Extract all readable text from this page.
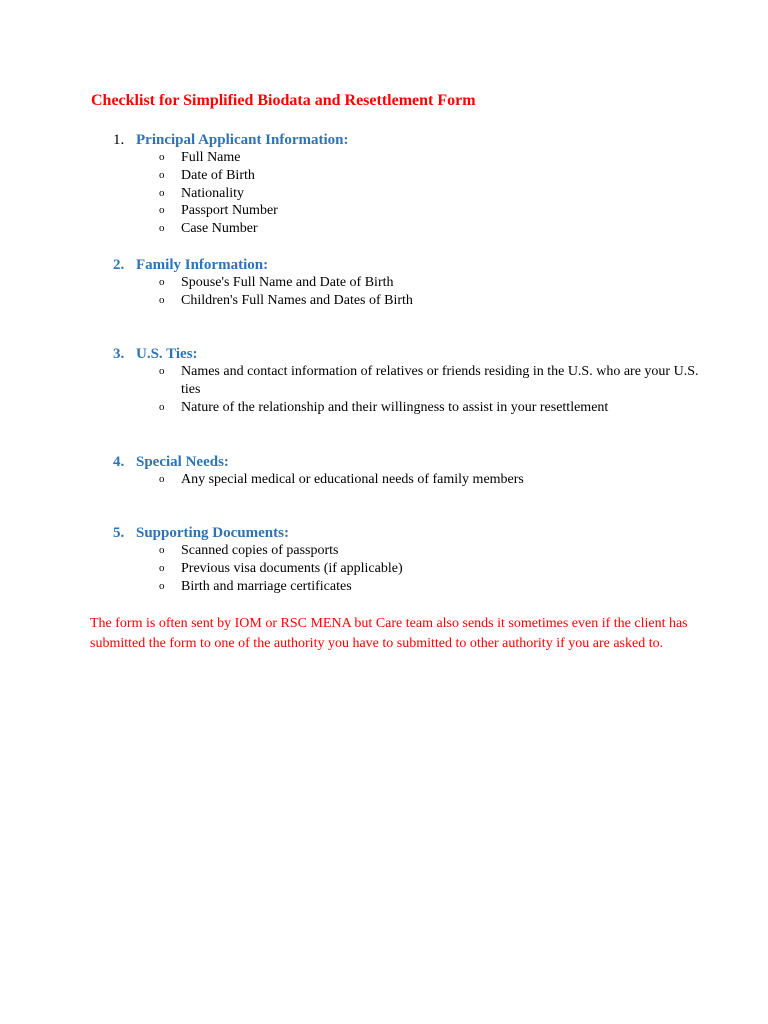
Checklist for Simplified Biodata and Resettlement Form
1. Principal Applicant Information:
o Full Name
o Date of Birth
o Nationality
o Passport Number
o Case Number
2. Family Information:
o Spouse's Full Name and Date of Birth
o Children's Full Names and Dates of Birth
3. U.S. Ties:
o Names and contact information of relatives or friends residing in the U.S. who are your U.S. ties
o Nature of the relationship and their willingness to assist in your resettlement
4. Special Needs:
o Any special medical or educational needs of family members
5. Supporting Documents:
o Scanned copies of passports
o Previous visa documents (if applicable)
o Birth and marriage certificates
The form is often sent by IOM or RSC MENA but Care team also sends it sometimes even if the client has submitted the form to one of the authority you have to submitted to other authority if you are asked to.
